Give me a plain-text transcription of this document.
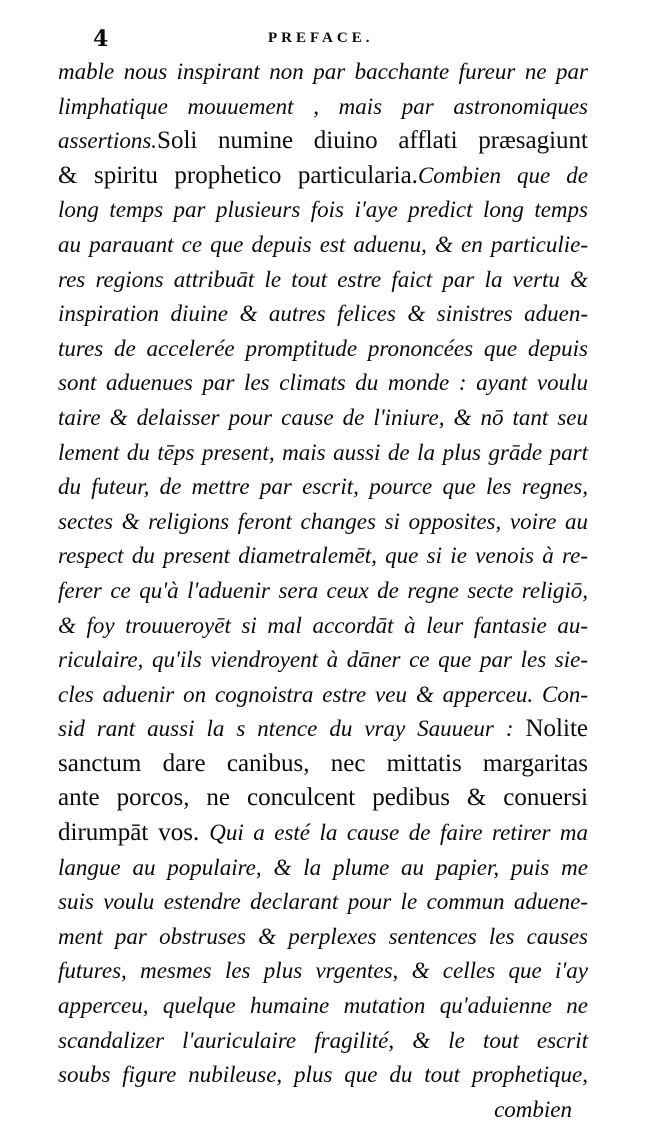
4	PREFACE.
mable nous inspirant non par bacchante fureur ne par
limphatique mouuement , mais par astronomiques
assertions.Soli numine diuino afflati præsagiunt
& spiritu prophetico particularia.Combien que de
long temps par plusieurs fois i'aye predict long temps
au parauant ce que depuis est aduenu, & en particulie-
res regions attribuāt le tout estre faict par la vertu &
inspiration diuine & autres felices & sinistres aduen-
tures de accelerée promptitude prononcées que depuis
sont aduenues par les climats du monde : ayant voulu
taire & delaisser pour cause de l'iniure, & nō tant seu
lement du tēps present, mais aussi de la plus grāde part
du futeur, de mettre par escrit, pource que les regnes,
sectes & religions feront changes si opposites, voire au
respect du present diametralemēt, que si ie venois à re-
ferer ce qu'à l'aduenir sera ceux de regne secte religiō,
& foy trouueroyēt si mal accordāt à leur fantasie au-
riculaire, qu'ils viendroyent à dāner ce que par les sie-
cles aduenir on cognoistra estre veu & apperceu. Con-
sid rant aussi la s ntence du vray Sauueur : Nolite
sanctum dare canibus, nec mittatis margaritas
ante porcos, ne conculcent pedibus & conuersi
dirumpāt vos. Qui a esté la cause de faire retirer ma
langue au populaire, & la plume au papier, puis me
suis voulu estendre declarant pour le commun aduene-
ment par obstruses & perplexes sentences les causes
futures, mesmes les plus vrgentes, & celles que i'ay
apperceu, quelque humaine mutation qu'aduienne ne
scandalizer l'auriculaire fragilité, & le tout escrit
soubs figure nubileuse, plus que du tout prophetique,
combien
